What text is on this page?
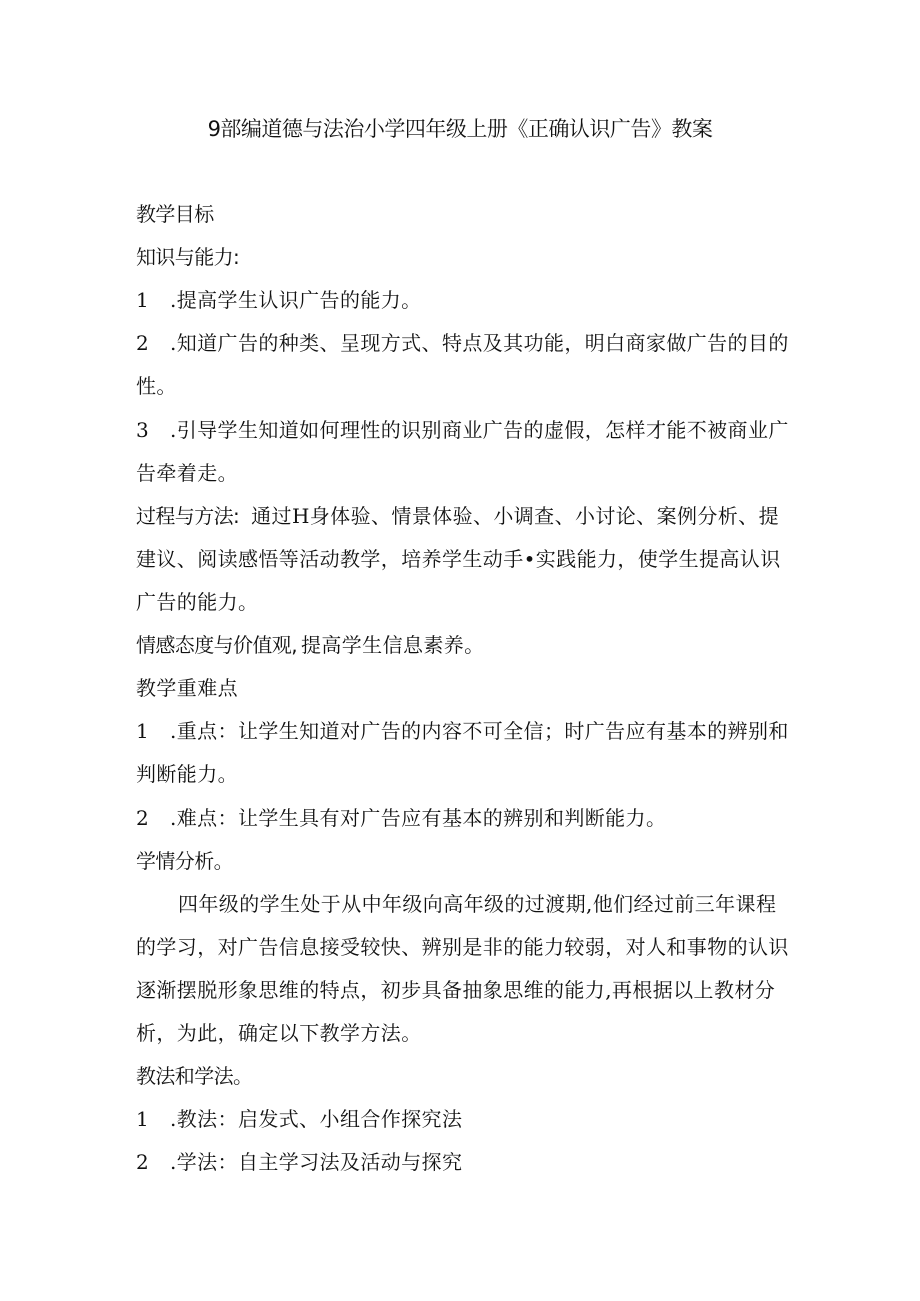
9部编道德与法治小学四年级上册《正确认识广告》教案
教学目标
知识与能力:
1 .提高学生认识广告的能力。
2 .知道广告的种类、呈现方式、特点及其功能，明白商家做广告的目的
性。
3 .引导学生知道如何理性的识别商业广告的虚假，怎样才能不被商业广
告牵着走。
过程与方法: 通过H身体验、情景体验、小调查、小讨论、案例分析、提
建议、阅读感悟等活动教学，培养学生动手•实践能力，使学生提高认识
广告的能力。
情感态度与价值观, 提高学生信息素养。
教学重难点
1 .重点：让学生知道对广告的内容不可全信；时广告应有基本的辨别和
判断能力。
2 .难点：让学生具有对广告应有基本的辨别和判断能力。
学情分析。
四年级的学生处于从中年级向高年级的过渡期,他们经过前三年课程
的学习，对广告信息接受较快、辨别是非的能力较弱，对人和事物的认识
逐渐摆脱形象思维的特点，初步具备抽象思维的能力,再根据以上教材分
析，为此，确定以下教学方法。
教法和学法。
1 .教法：启发式、小组合作探究法
2 .学法：自主学习法及活动与探究
